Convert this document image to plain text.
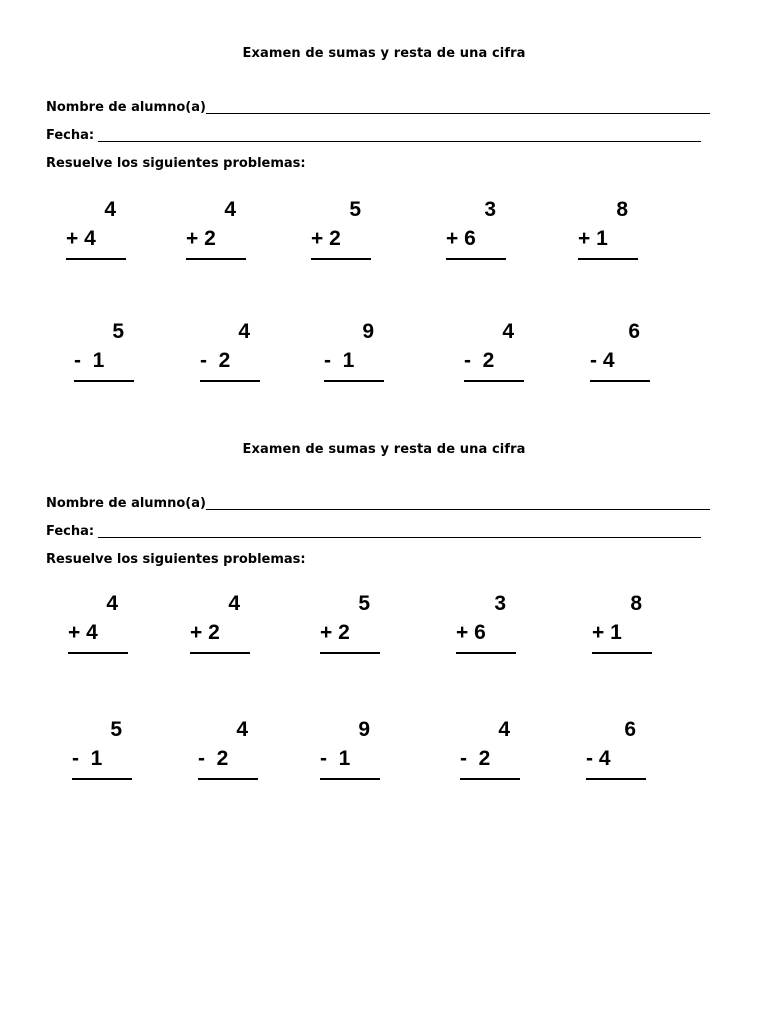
Examen de sumas y resta de una cifra
Nombre de alumno(a)
Fecha:
Resuelve los siguientes problemas:
4
+ 4
4
+ 2
5
+ 2
3
+ 6
8
+ 1
5
-  1
4
-  2
9
-  1
4
-  2
6
- 4
Examen de sumas y resta de una cifra
Nombre de alumno(a)
Fecha:
Resuelve los siguientes problemas:
4
+ 4
4
+ 2
5
+ 2
3
+ 6
8
+ 1
5
-  1
4
-  2
9
-  1
4
-  2
6
- 4
